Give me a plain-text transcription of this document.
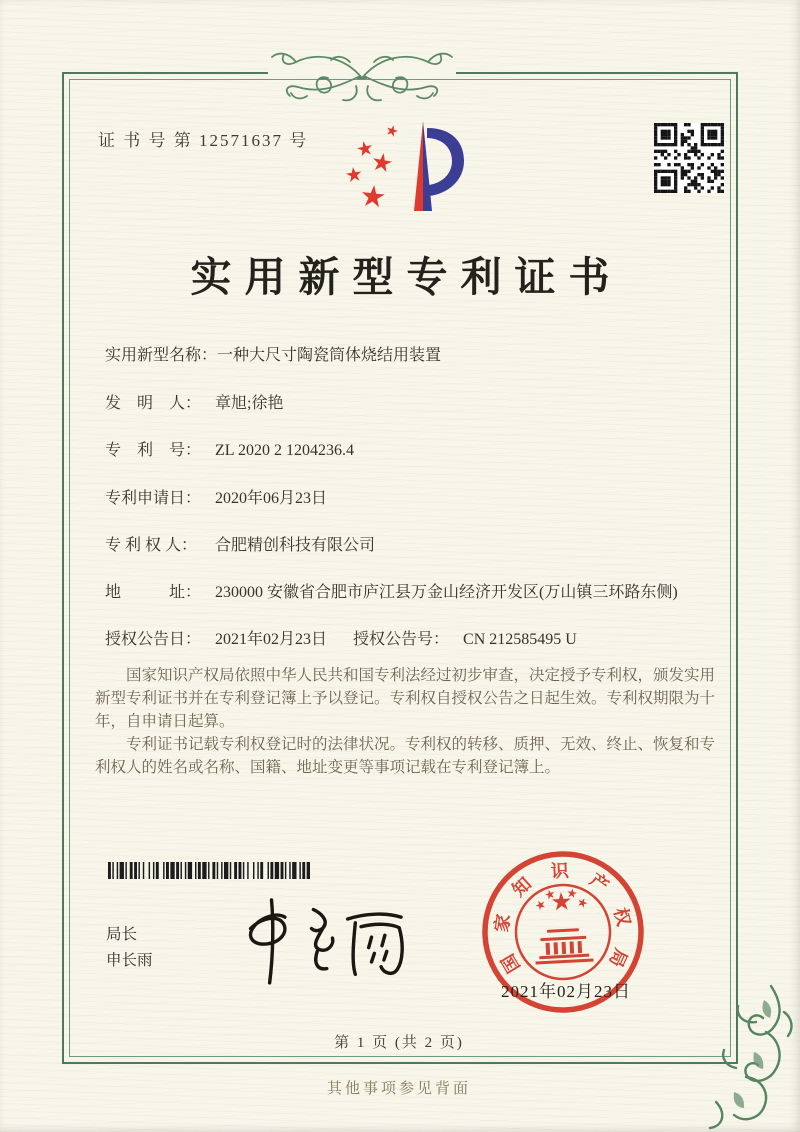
证 书 号 第 12571637 号
实用新型专利证书
实用新型名称： 一种大尺寸陶瓷筒体烧结用装置
发　明　人： 章旭;徐艳
专　利　号： ZL 2020 2 1204236.4
专利申请日： 2020年06月23日
专 利 权 人：	合肥精创科技有限公司
地　　　址： 230000 安徽省合肥市庐江县万金山经济开发区(万山镇三环路东侧)
授权公告日： 2021年02月23日 授权公告号： CN 212585495 U

国家知识产权局依照中华人民共和国专利法经过初步审查，决定授予专利权，颁发实用新型专利证书并在专利登记簿上予以登记。专利权自授权公告之日起生效。专利权期限为十年，自申请日起算。

专利证书记载专利权登记时的法律状况。专利权的转移、质押、无效、终止、恢复和专利权人的姓名或名称、国籍、地址变更等事项记载在专利登记簿上。

局长
申长雨	国
家
知
识 产
权
局
2021年02月23日
第 1 页 (共 2 页)
其他事项参见背面
